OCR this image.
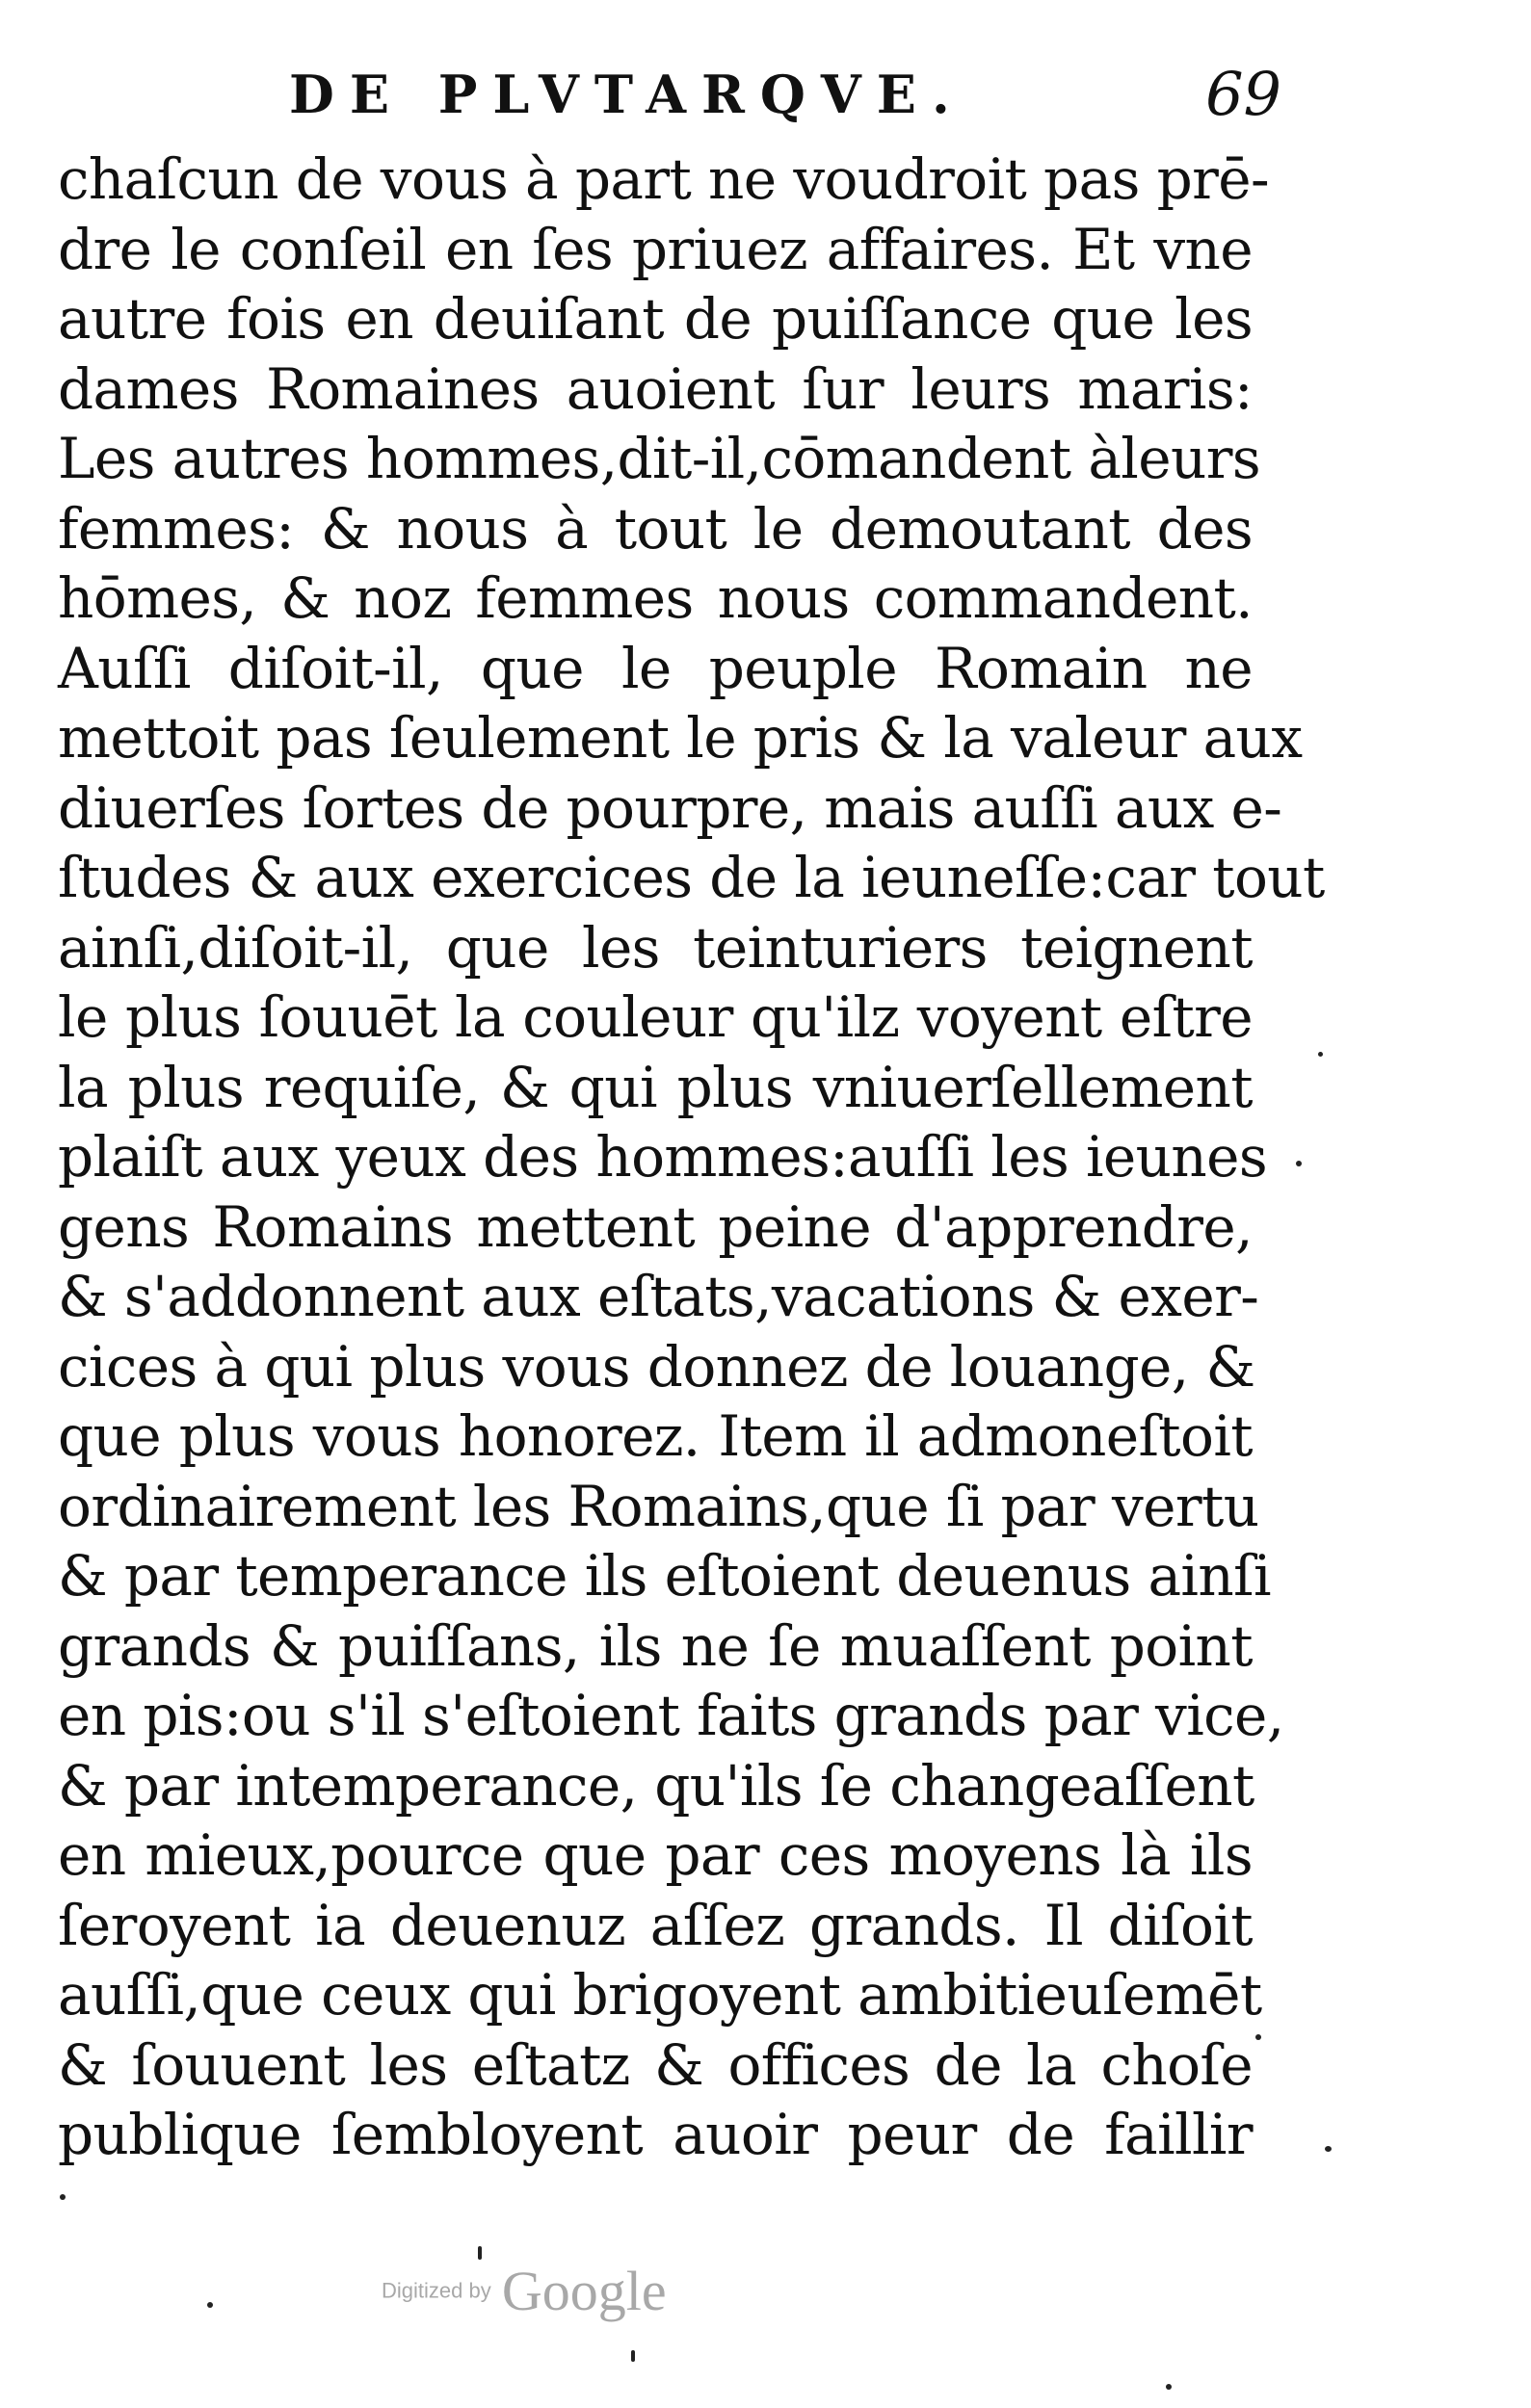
DE PLVTARQVE.	69
chaſcun de vous à part ne voudroit pas prē-
dre le conſeil en ſes priuez affaires. Et vne
autre fois en deuiſant de puiſſance que les
dames Romaines auoient ſur leurs maris:
Les autres hommes,dit-il,cōmandent àleurs
femmes: & nous à tout le demoutant des
hōmes, & noz femmes nous commandent.
Auſſi diſoit-il, que le peuple Romain ne
mettoit pas ſeulement le pris & la valeur aux
diuerſes ſortes de pourpre, mais auſſi aux e-
ſtudes & aux exercices de la ieuneſſe:car tout
ainſi,diſoit-il, que les teinturiers teignent
le plus ſouuēt la couleur qu'ilz voyent eſtre
la plus requiſe, & qui plus vniuerſellement
plaiſt aux yeux des hommes:auſſi les ieunes
gens Romains mettent peine d'apprendre,
& s'addonnent aux eſtats,vacations & exer-
cices à qui plus vous donnez de louange, &
que plus vous honorez. Item il admoneſtoit
ordinairement les Romains,que ſi par vertu
& par temperance ils eſtoient deuenus ainſi
grands & puiſſans, ils ne ſe muaſſent point
en pis:ou s'il s'eſtoient faits grands par vice,
& par intemperance, qu'ils ſe changeaſſent
en mieux,pource que par ces moyens là ils
ſeroyent ia deuenuz aſſez grands. Il diſoit
auſſi,que ceux qui brigoyent ambitieuſemēt
& ſouuent les eſtatz & offices de la choſe
publique ſembloyent auoir peur de faillir
Digitized by Google
